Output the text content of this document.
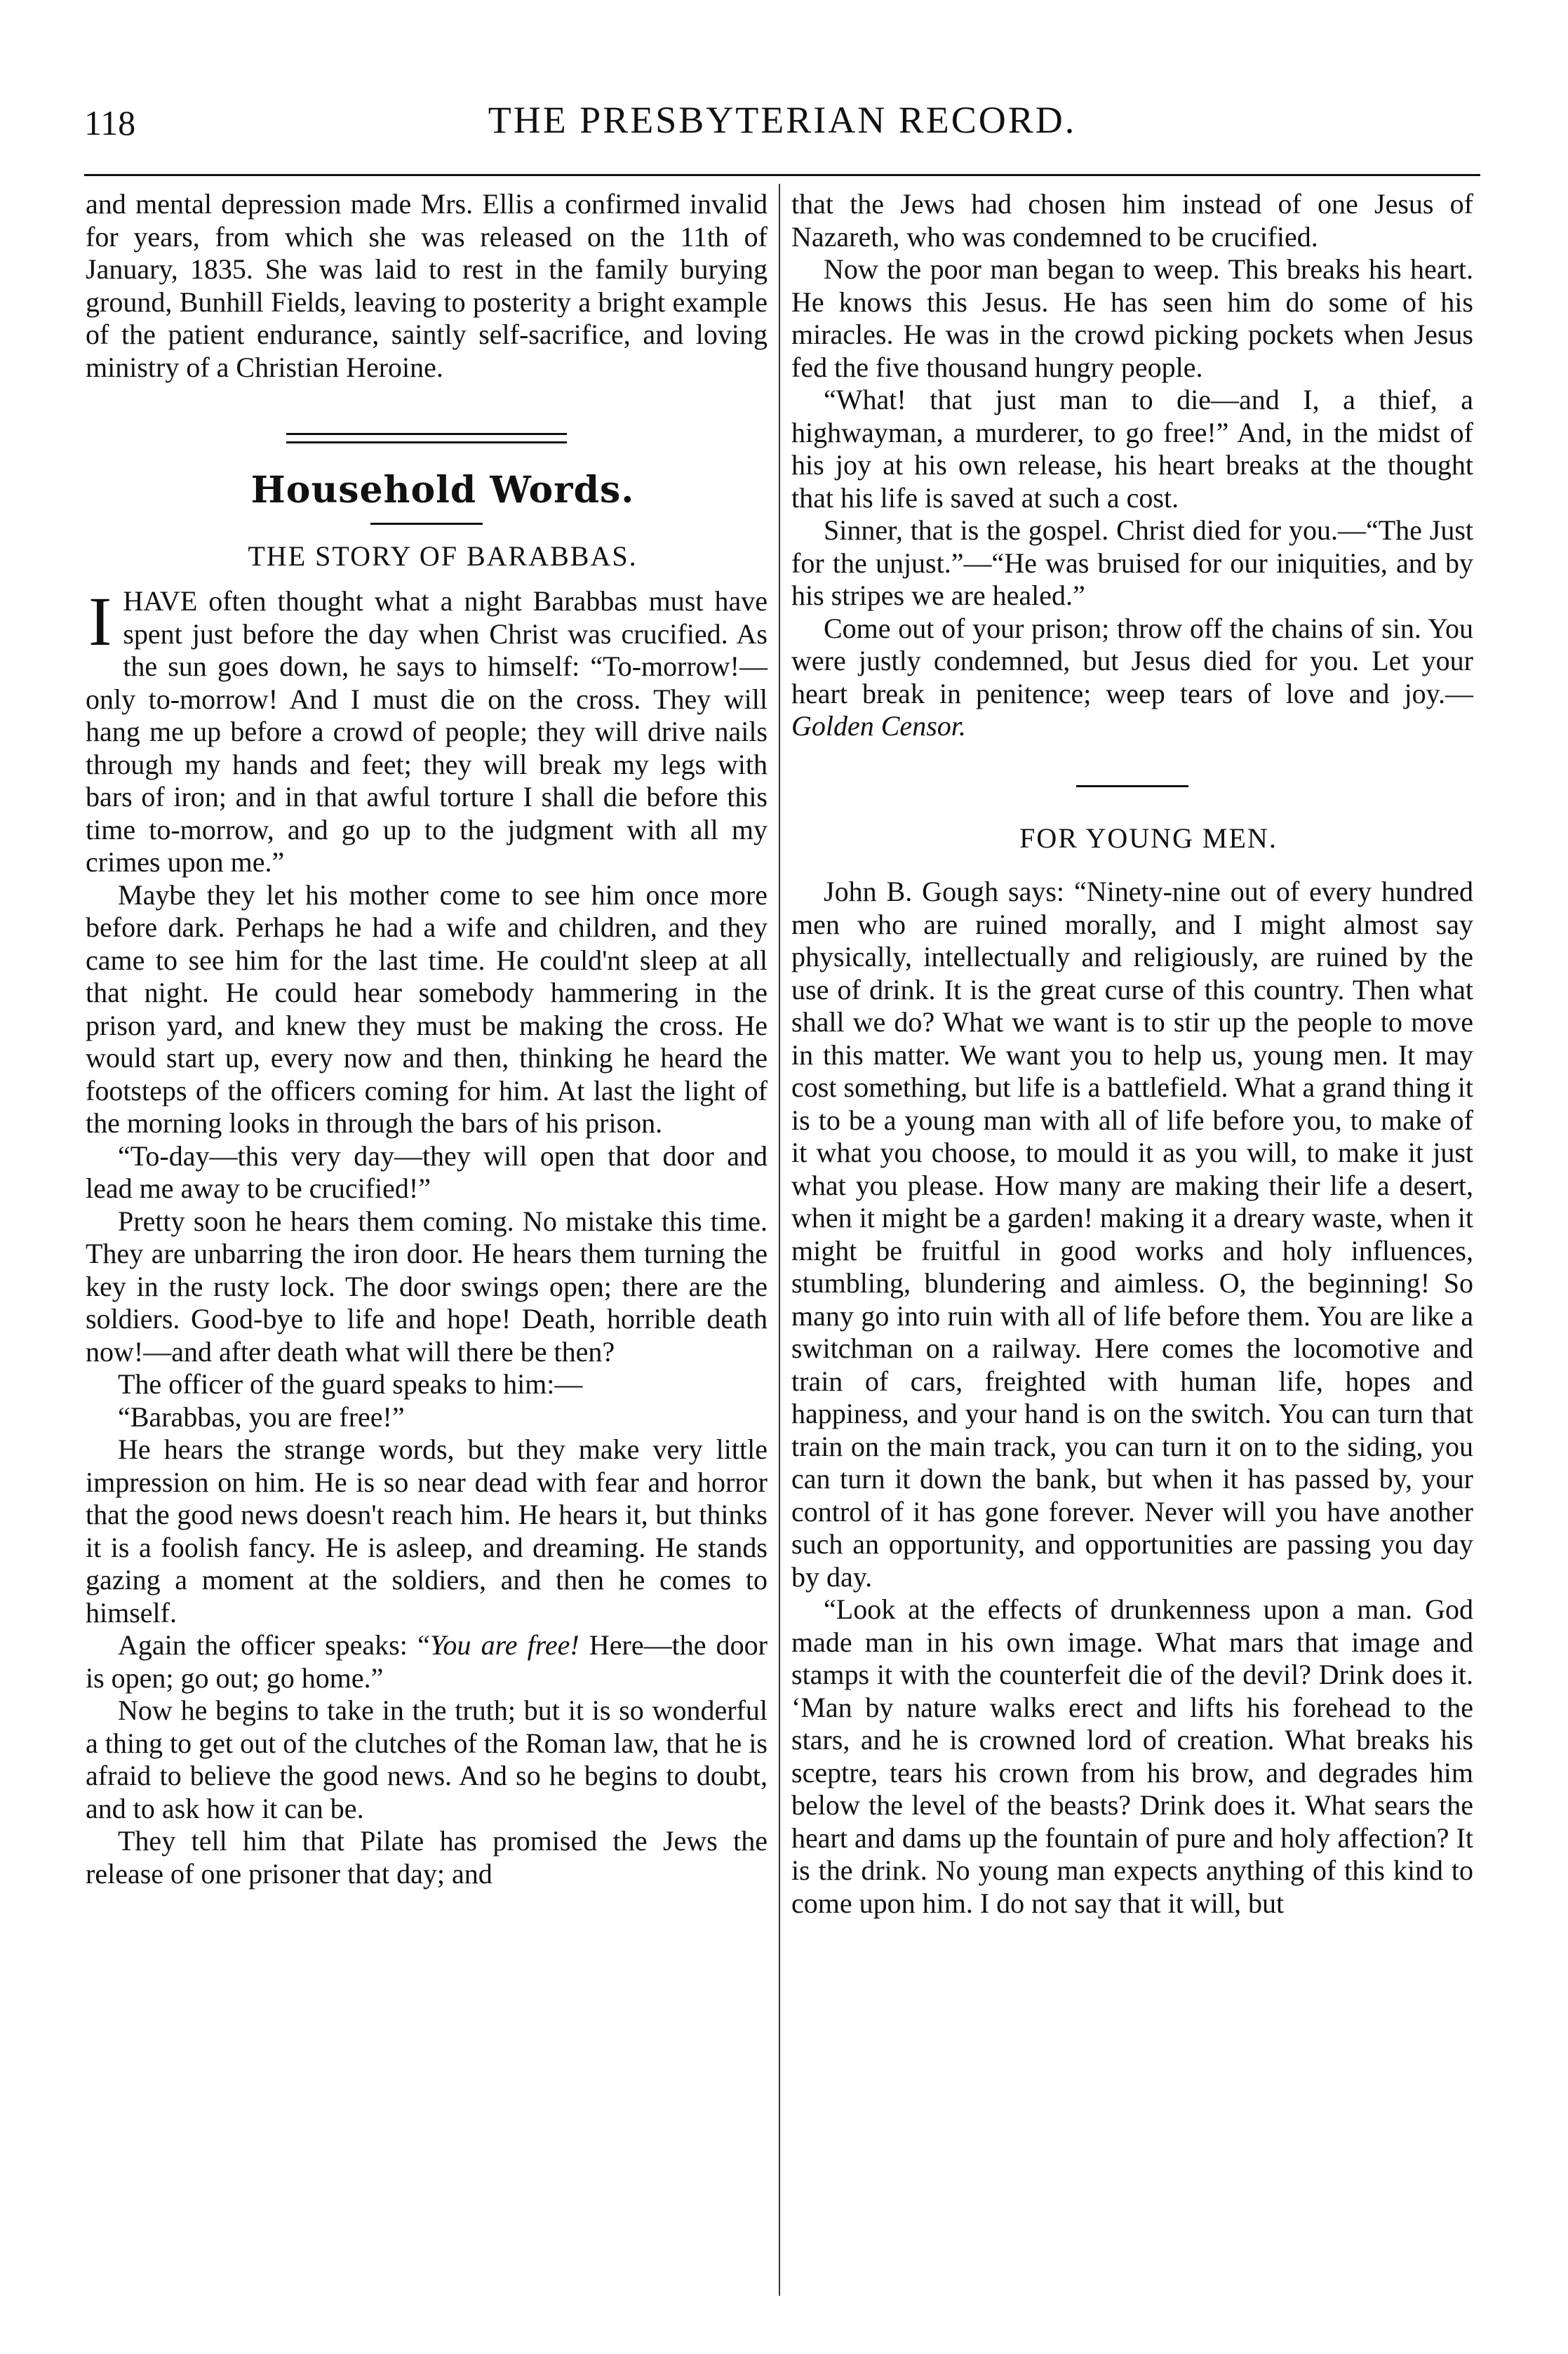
118	THE PRESBYTERIAN RECORD.

and mental depression made Mrs. Ellis a confirmed invalid for years, from which she was released on the 11th of January, 1835. She was laid to rest in the family burying ground, Bunhill Fields, leaving to posterity a bright example of the patient endurance, saintly self-sacrifice, and loving ministry of a Christian Heroine.

Household Words.

THE STORY OF BARABBAS.

IHAVE often thought what a night Barabbas must have spent just before the day when Christ was crucified. As the sun goes down, he says to himself: “To-morrow!—only to-morrow! And I must die on the cross. They will hang me up before a crowd of people; they will drive nails through my hands and feet; they will break my legs with bars of iron; and in that awful torture I shall die before this time to-morrow, and go up to the judgment with all my crimes upon me.”

Maybe they let his mother come to see him once more before dark. Perhaps he had a wife and children, and they came to see him for the last time. He could'nt sleep at all that night. He could hear somebody hammering in the prison yard, and knew they must be making the cross. He would start up, every now and then, thinking he heard the footsteps of the officers coming for him. At last the light of the morning looks in through the bars of his prison.

“To-day—this very day—they will open that door and lead me away to be crucified!”

Pretty soon he hears them coming. No mistake this time. They are unbarring the iron door. He hears them turning the key in the rusty lock. The door swings open; there are the soldiers. Good-bye to life and hope! Death, horrible death now!—and after death what will there be then?

The officer of the guard speaks to him:—

“Barabbas, you are free!”

He hears the strange words, but they make very little impression on him. He is so near dead with fear and horror that the good news doesn't reach him. He hears it, but thinks it is a foolish fancy. He is asleep, and dreaming. He stands gazing a moment at the soldiers, and then he comes to himself.

Again the officer speaks: “You are free! Here—the door is open; go out; go home.”

Now he begins to take in the truth; but it is so wonderful a thing to get out of the clutches of the Roman law, that he is afraid to believe the good news. And so he begins to doubt, and to ask how it can be.

They tell him that Pilate has promised the Jews the release of one prisoner that day; and

that the Jews had chosen him instead of one Jesus of Nazareth, who was condemned to be crucified.

Now the poor man began to weep. This breaks his heart. He knows this Jesus. He has seen him do some of his miracles. He was in the crowd picking pockets when Jesus fed the five thousand hungry people.

“What! that just man to die—and I, a thief, a highwayman, a murderer, to go free!” And, in the midst of his joy at his own release, his heart breaks at the thought that his life is saved at such a cost.

Sinner, that is the gospel. Christ died for you.—“The Just for the unjust.”—“He was bruised for our iniquities, and by his stripes we are healed.”

Come out of your prison; throw off the chains of sin. You were justly condemned, but Jesus died for you. Let your heart break in penitence; weep tears of love and joy.—Golden Censor.

FOR YOUNG MEN.

John B. Gough says: “Ninety-nine out of every hundred men who are ruined morally, and I might almost say physically, intellectually and religiously, are ruined by the use of drink. It is the great curse of this country. Then what shall we do? What we want is to stir up the people to move in this matter. We want you to help us, young men. It may cost something, but life is a battlefield. What a grand thing it is to be a young man with all of life before you, to make of it what you choose, to mould it as you will, to make it just what you please. How many are making their life a desert, when it might be a garden! making it a dreary waste, when it might be fruitful in good works and holy influences, stumbling, blundering and aimless. O, the beginning! So many go into ruin with all of life before them. You are like a switchman on a railway. Here comes the locomotive and train of cars, freighted with human life, hopes and happiness, and your hand is on the switch. You can turn that train on the main track, you can turn it on to the siding, you can turn it down the bank, but when it has passed by, your control of it has gone forever. Never will you have another such an opportunity, and opportunities are passing you day by day.

“Look at the effects of drunkenness upon a man. God made man in his own image. What mars that image and stamps it with the counterfeit die of the devil? Drink does it. ‘Man by nature walks erect and lifts his forehead to the stars, and he is crowned lord of creation. What breaks his sceptre, tears his crown from his brow, and degrades him below the level of the beasts? Drink does it. What sears the heart and dams up the fountain of pure and holy affection? It is the drink. No young man expects anything of this kind to come upon him. I do not say that it will, but
